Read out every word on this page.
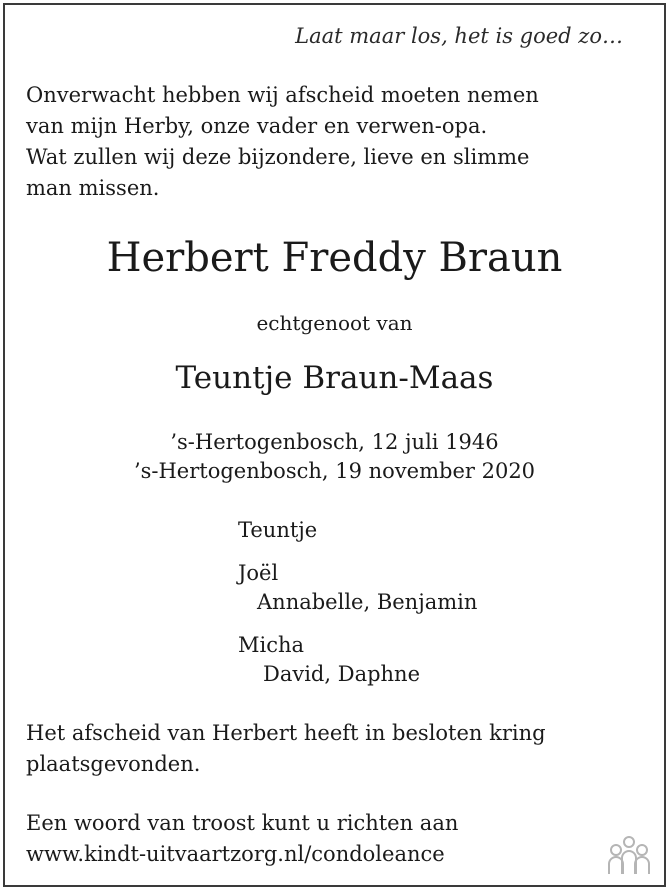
Laat maar los, het is goed zo…
Onverwacht hebben wij afscheid moeten nemen
van mijn Herby, onze vader en verwen-opa.
Wat zullen wij deze bijzondere, lieve en slimme
man missen.
Herbert Freddy Braun
echtgenoot van
Teuntje Braun-Maas
’s-Hertogenbosch, 12 juli 1946
’s-Hertogenbosch, 19 november 2020
Teuntje
Joël
Annabelle, Benjamin
Micha
David, Daphne
Het afscheid van Herbert heeft in besloten kring
plaatsgevonden.
Een woord van troost kunt u richten aan
www.kindt-uitvaartzorg.nl/condoleance
